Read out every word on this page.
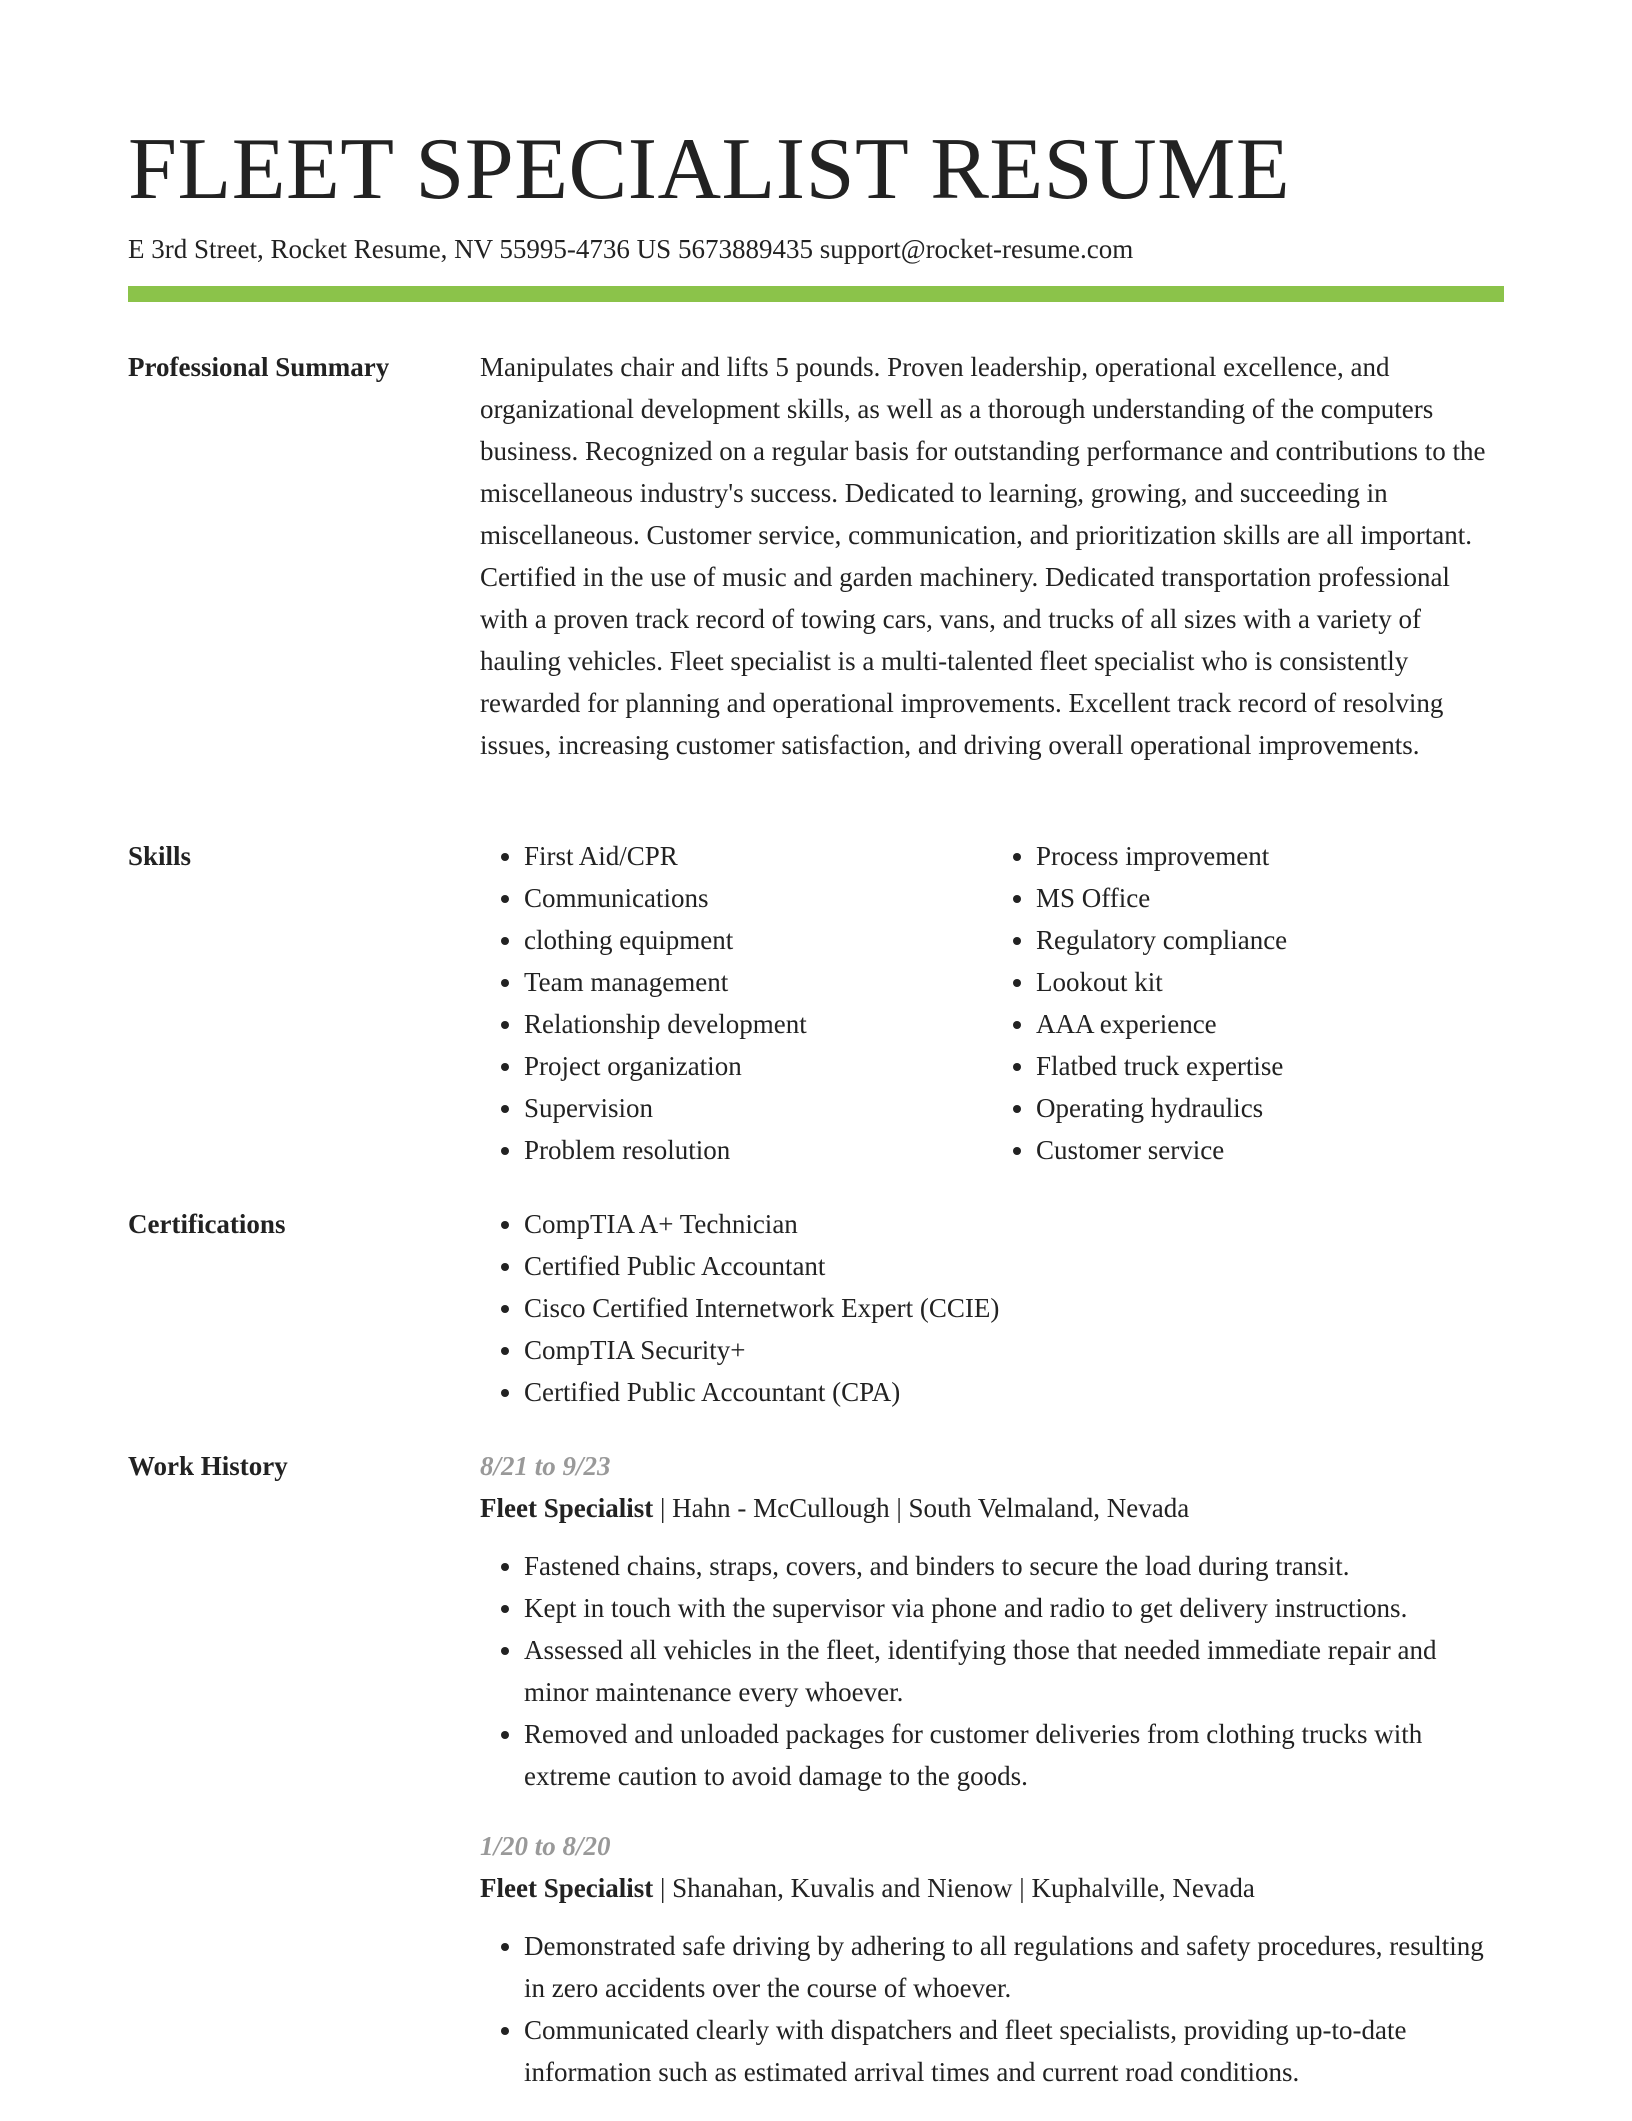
FLEET SPECIALIST RESUME
E 3rd Street, Rocket Resume, NV 55995-4736 US 5673889435 support@rocket-resume.com
Professional Summary	Manipulates chair and lifts 5 pounds. Proven leadership, operational excellence, and organizational development skills, as well as a thorough understanding of the computers business. Recognized on a regular basis for outstanding performance and contributions to the miscellaneous industry's success. Dedicated to learning, growing, and succeeding in miscellaneous. Customer service, communication, and prioritization skills are all important. Certified in the use of music and garden machinery. Dedicated transportation professional with a proven track record of towing cars, vans, and trucks of all sizes with a variety of hauling vehicles. Fleet specialist is a multi-talented fleet specialist who is consistently rewarded for planning and operational improvements. Excellent track record of resolving issues, increasing customer satisfaction, and driving overall operational improvements.

Skills	• First Aid/CPR
• Communications
• clothing equipment
• Team management
• Relationship development
• Project organization
• Supervision
• Problem resolution
• Process improvement
• MS Office
• Regulatory compliance
• Lookout kit
• AAA experience
• Flatbed truck expertise
• Operating hydraulics
• Customer service
Certifications	• CompTIA A+ Technician
• Certified Public Accountant
• Cisco Certified Internetwork Expert (CCIE)
• CompTIA Security+
• Certified Public Accountant (CPA)
Work History	8/21 to 9/23

Fleet Specialist | Hahn - McCullough | South Velmaland, Nevada

• Fastened chains, straps, covers, and binders to secure the load during transit.
• Kept in touch with the supervisor via phone and radio to get delivery instructions.
• Assessed all vehicles in the fleet, identifying those that needed immediate repair and minor maintenance every whoever.
• Removed and unloaded packages for customer deliveries from clothing trucks with extreme caution to avoid damage to the goods.

1/20 to 8/20

Fleet Specialist | Shanahan, Kuvalis and Nienow | Kuphalville, Nevada

• Demonstrated safe driving by adhering to all regulations and safety procedures, resulting in zero accidents over the course of whoever.
• Communicated clearly with dispatchers and fleet specialists, providing up-to-date information such as estimated arrival times and current road conditions.
